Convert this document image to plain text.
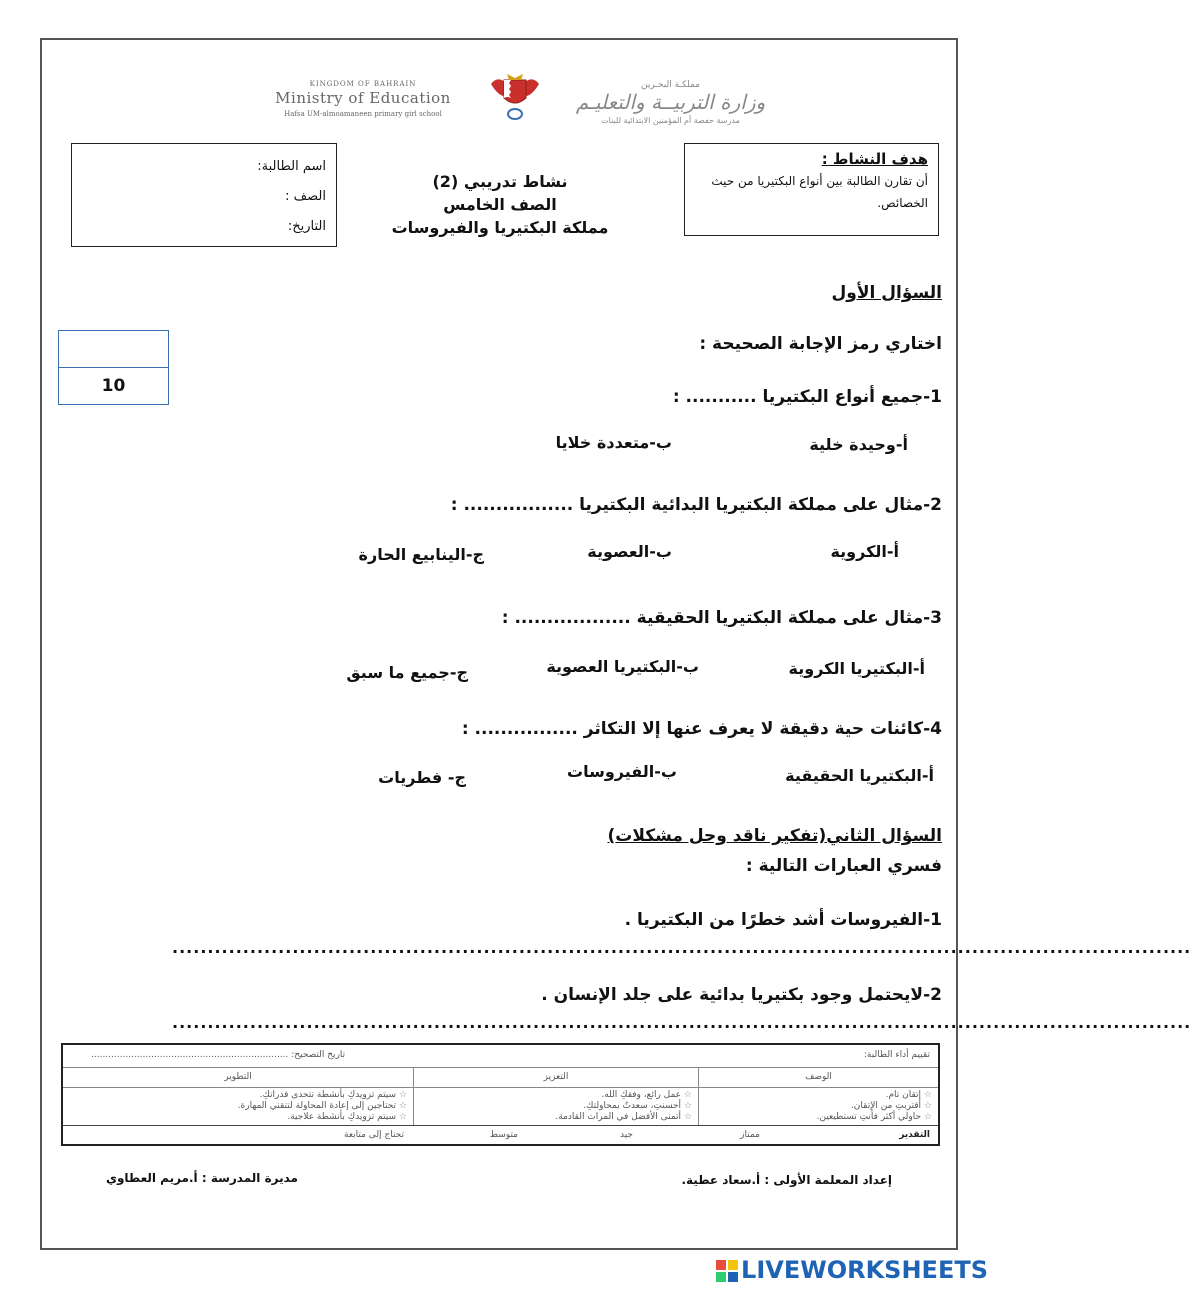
KINGDOM OF BAHRAIN
Ministry of Education
Hafsa UM-almoamaneen primary girl school
مملكـة البحـرين
وزارة التربيــة والتعليـم
مدرسة حفصة أم المؤمنين الابتدائية للبنات
هدف النشاط :
أن تقارن الطالبة بين أنواع البكتيريا من حيث الخصائص.
نشاط تدريبي (2)
الصف الخامس
مملكة البكتيريا والفيروسات
اسم الطالبة:
الصف :
التاريخ:
10
السؤال الأول
اختاري رمز الإجابة الصحيحة :
1-جميع أنواع البكتيريا ........... :
أ-وحيدة خلية
ب-متعددة خلايا
2-مثال على مملكة البكتيريا البدائية البكتيريا ................. :
أ-الكروية
ب-العصوية
ج-الينابيع الحارة
3-مثال على مملكة البكتيريا الحقيقية .................. :
أ-البكتيريا الكروية
ب-البكتيريا العصوية
ج-جميع ما سبق
4-كائنات حية دقيقة لا يعرف عنها إلا التكاثر ................ :
أ-البكتيريا الحقيقية
ب-الفيروسات
ج- فطريات
السؤال الثاني(تفكير ناقد وحل مشكلات)
فسري العبارات التالية :
1-الفيروسات أشد خطرًا من البكتيريا .
................................................................................................................................................
2-لايحتمل وجود بكتيريا بدائية على جلد الإنسان .
................................................................................................................................................
تقييم أداء الطالبة:
تاريخ التصحيح: .....................................................................
الوصف
التعزيز
التطوير
☆ إتقان تام.
☆ أقتربتِ من الإتقان.
☆ حاولي أكثر فأنتِ تستطيعين.
☆ عمل رائع، وفقكِ الله.
☆ أحسنتِ، سعدتُ بمحاولتكِ.
☆ أتمنى الأفضل في المرات القادمة.
☆ سيتم تزويدكِ بأنشطة تتحدى قدراتكِ.
☆ تحتاجين إلى إعادة المحاولة لتتقني المهارة.
☆ سيتم تزويدكِ بأنشطة علاجية.
التقدير
ممتاز
جيد
متوسط
تحتاج إلى متابعة
إعداد المعلمة الأولى : أ.سعاد عطية.
مديرة المدرسة : أ.مريم العطاوي
LIVEWORKSHEETS
